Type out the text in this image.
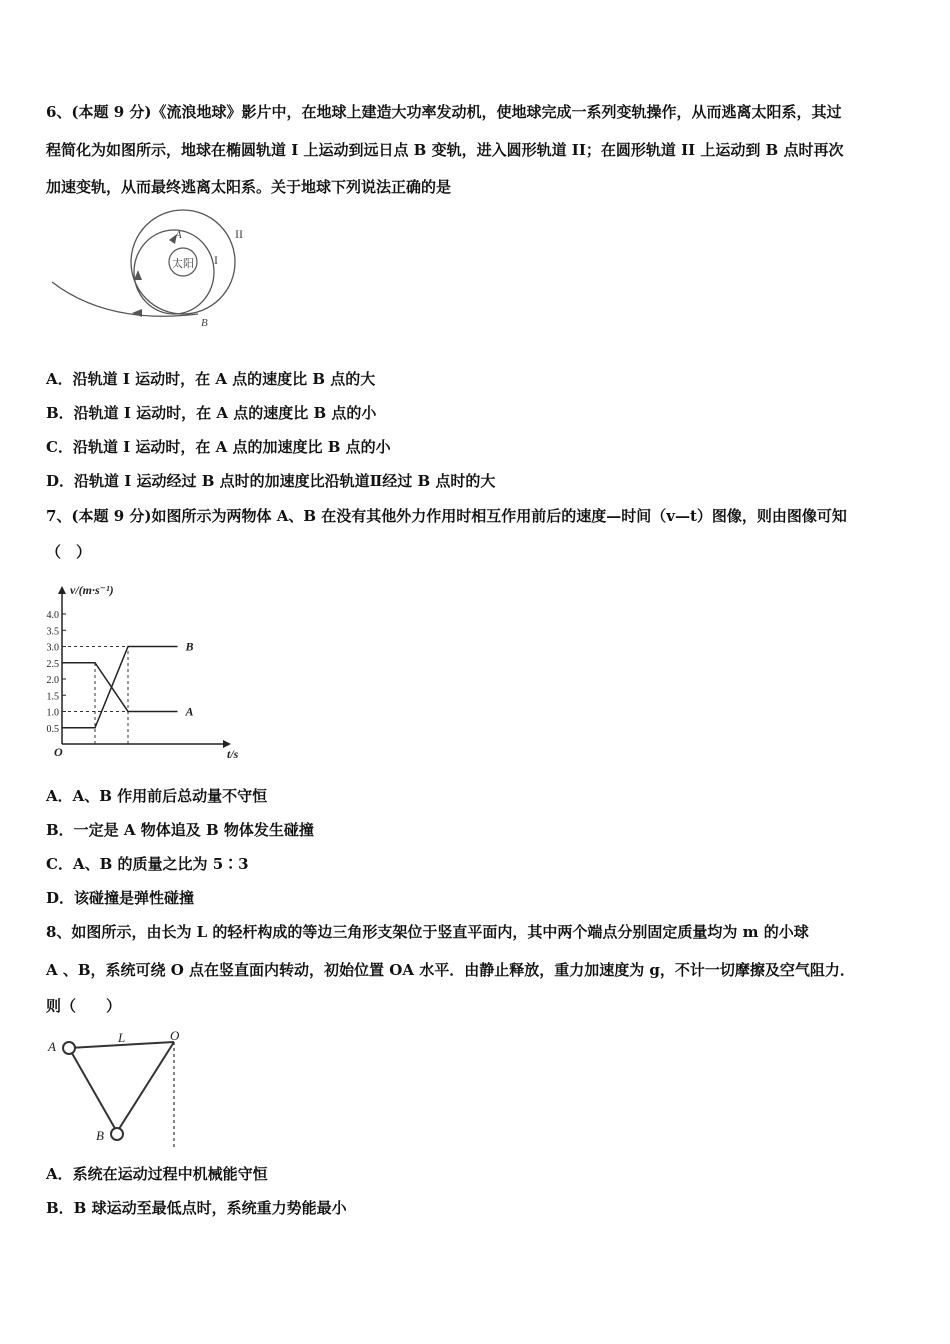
6、(本题 9 分)《流浪地球》影片中，在地球上建造大功率发动机，使地球完成一系列变轨操作，从而逃离太阳系，其过
程简化为如图所示，地球在椭圆轨道 I 上运动到远日点 B 变轨，进入圆形轨道 II；在圆形轨道 II 上运动到 B 点时再次
加速变轨，从而最终逃离太阳系。关于地球下列说法正确的是
太阳
A
B
I
II
A．沿轨道 I 运动时，在 A 点的速度比 B 点的大
B．沿轨道 I 运动时，在 A 点的速度比 B 点的小
C．沿轨道 I 运动时，在 A 点的加速度比 B 点的小
D．沿轨道 I 运动经过 B 点时的加速度比沿轨道Ⅱ经过 B 点时的大
7、(本题 9 分)如图所示为两物体 A、B 在没有其他外力作用时相互作用前后的速度—时间（v—t）图像，则由图像可知
（　）
0.5
1.0
1.5
2.0
2.5
3.0
3.5
4.0
v/(m·s⁻¹)
t/s
O
A
B
A．A、B 作用前后总动量不守恒
B．一定是 A 物体追及 B 物体发生碰撞
C．A、B 的质量之比为 5∶3
D．该碰撞是弹性碰撞
8、如图所示，由长为 L 的轻杆构成的等边三角形支架位于竖直平面内，其中两个端点分别固定质量均为 m 的小球
A 、B，系统可绕 O 点在竖直面内转动，初始位置 OA 水平．由静止释放，重力加速度为 g，不计一切摩擦及空气阻力．
则（　　）
A
B
L	O
A．系统在运动过程中机械能守恒
B．B 球运动至最低点时，系统重力势能最小
